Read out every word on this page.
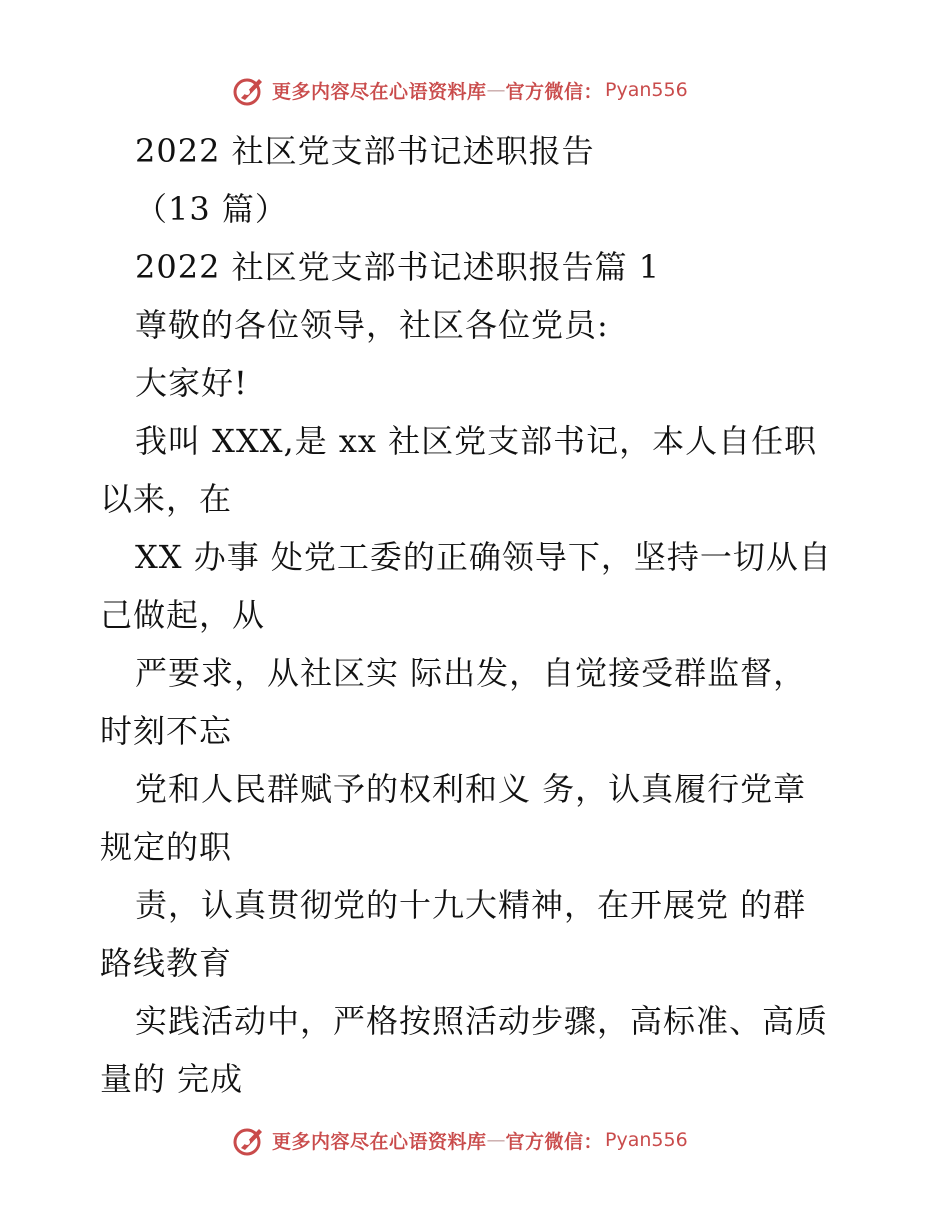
更多内容尽在心语资料库 — 官方微信： Pyan556
2022 社区党支部书记述职报告
（13 篇）
2022 社区党支部书记述职报告篇 1
尊敬的各位领导，社区各位党员:
大家好!
我叫 XXX,是 xx 社区党支部书记，本人自任职
以来，在
XX 办事 处党工委的正确领导下，坚持一切从自
己做起，从
严要求，从社区实 际出发，自觉接受群监督，
时刻不忘
党和人民群赋予的权利和义 务，认真履行党章
规定的职
责，认真贯彻党的十九大精神，在开展党 的群
路线教育
实践活动中，严格按照活动步骤，高标准、高质
量的 完成
更多内容尽在心语资料库 — 官方微信： Pyan556
